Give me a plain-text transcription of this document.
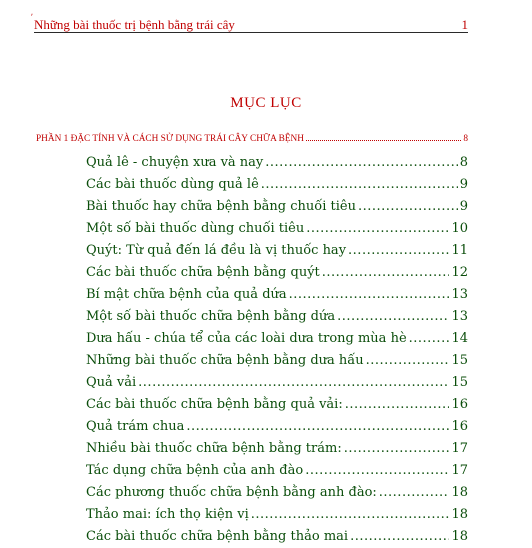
ʹ Những bài thuốc trị bệnh bằng trái cây	1
MỤC LỤC
PHẦN 1 ĐẶC TÍNH VÀ CÁCH SỬ DỤNG TRÁI CÂY CHỮA BỆNH	8
Quả lê - chuyện xưa và nay .....	8
Các bài thuốc dùng quả lê .....	9
Bài thuốc hay chữa bệnh bằng chuối tiêu .....	9
Một số bài thuốc dùng chuối tiêu .....	10
Quýt: Từ quả đến lá đều là vị thuốc hay .....	11
Các bài thuốc chữa bệnh bằng quýt .....	12
Bí mật chữa bệnh của quả dứa .....	13
Một số bài thuốc chữa bệnh bằng dứa .....	13
Dưa hấu - chúa tể của các loài dưa trong mùa hè .....	14
Những bài thuốc chữa bệnh bằng dưa hấu .....	15
Quả vải .....	15
Các bài thuốc chữa bệnh bằng quả vải: .....	16
Quả trám chua .....	16
Nhiều bài thuốc chữa bệnh bằng trám: .....	17
Tác dụng chữa bệnh của anh đào .....	17
Các phương thuốc chữa bệnh bằng anh đào: .....	18
Thảo mai: ích thọ kiện vị .....	18
Các bài thuốc chữa bệnh bằng thảo mai .....	18
